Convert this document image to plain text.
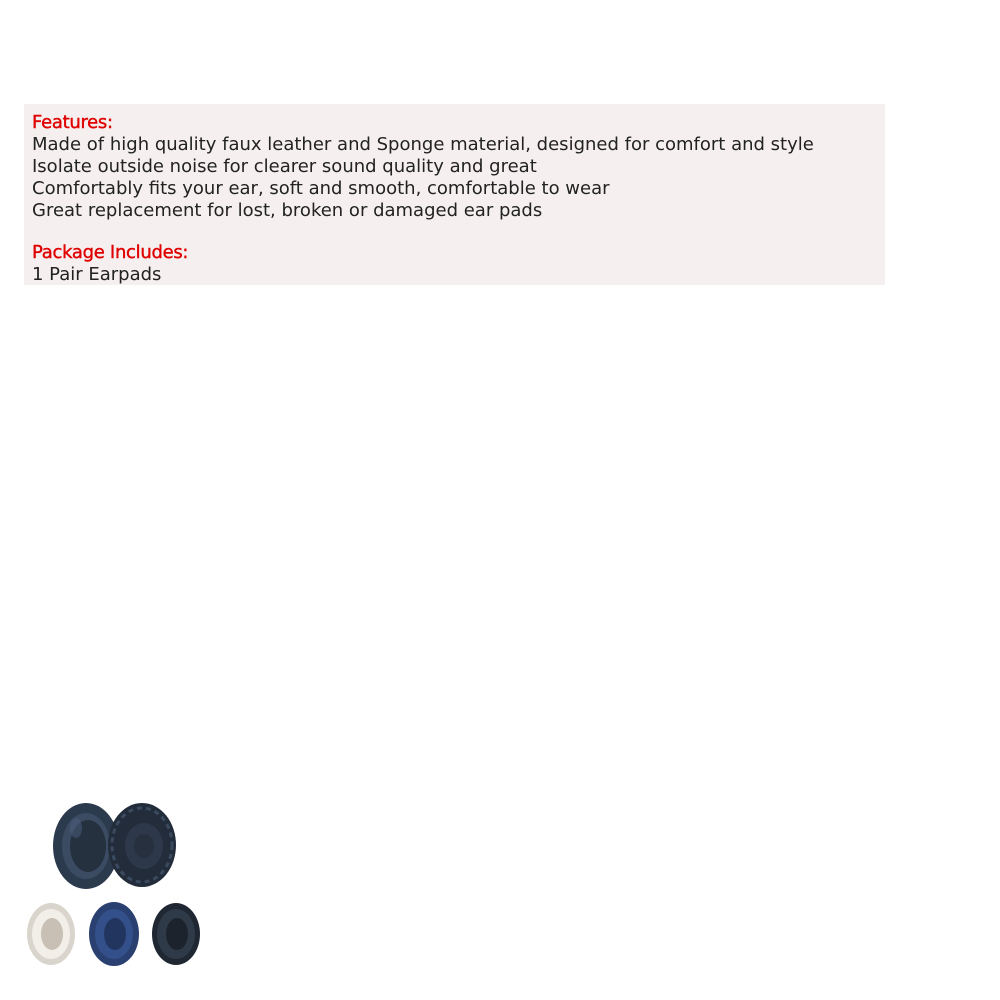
Features:
Made of high quality faux leather and Sponge material, designed for comfort and style
Isolate outside noise for clearer sound quality and great
Comfortably fits your ear, soft and smooth, comfortable to wear
Great replacement for lost, broken or damaged ear pads
Package Includes:
1 Pair Earpads
